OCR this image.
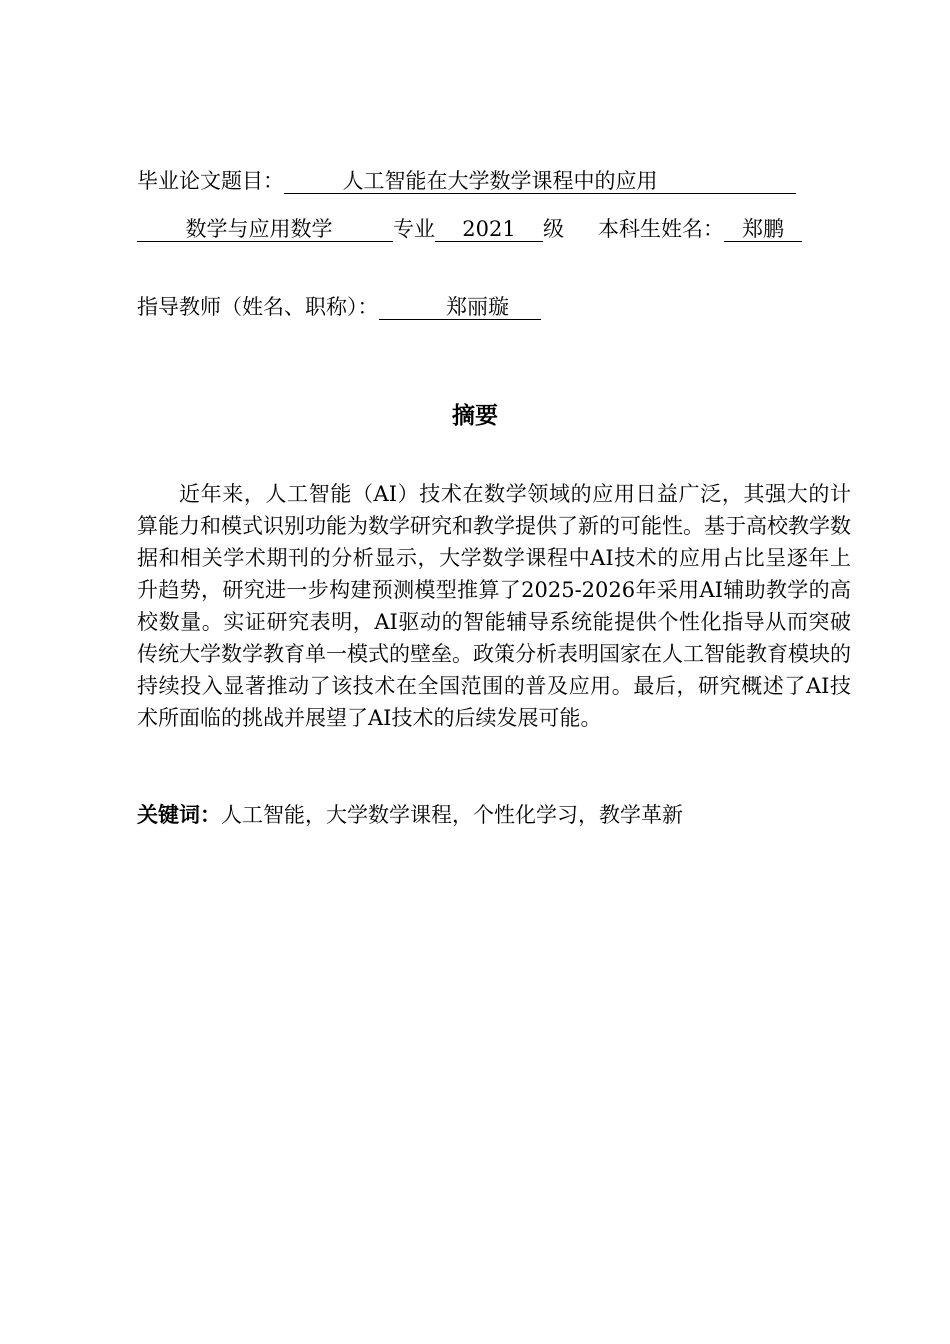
毕业论文题目：	人工智能在大学数学课程中的应用
数学与应用数学	专业 2021 级 本科生姓名： 郑鹏
指导教师（姓名、职称）：	郑丽璇
摘要

近年来，人工智能（AI）技术在数学领域的应用日益广泛，其强大的计算能力和模式识别功能为数学研究和教学提供了新的可能性。基于高校教学数据和相关学术期刊的分析显示，大学数学课程中AI技术的应用占比呈逐年上升趋势，研究进一步构建预测模型推算了2025-2026年采用AI辅助教学的高校数量。实证研究表明，AI驱动的智能辅导系统能提供个性化指导从而突破传统大学数学教育单一模式的壁垒。政策分析表明国家在人工智能教育模块的持续投入显著推动了该技术在全国范围的普及应用。最后，研究概述了AI技术所面临的挑战并展望了AI技术的后续发展可能。

关键词：人工智能，大学数学课程，个性化学习，教学革新
